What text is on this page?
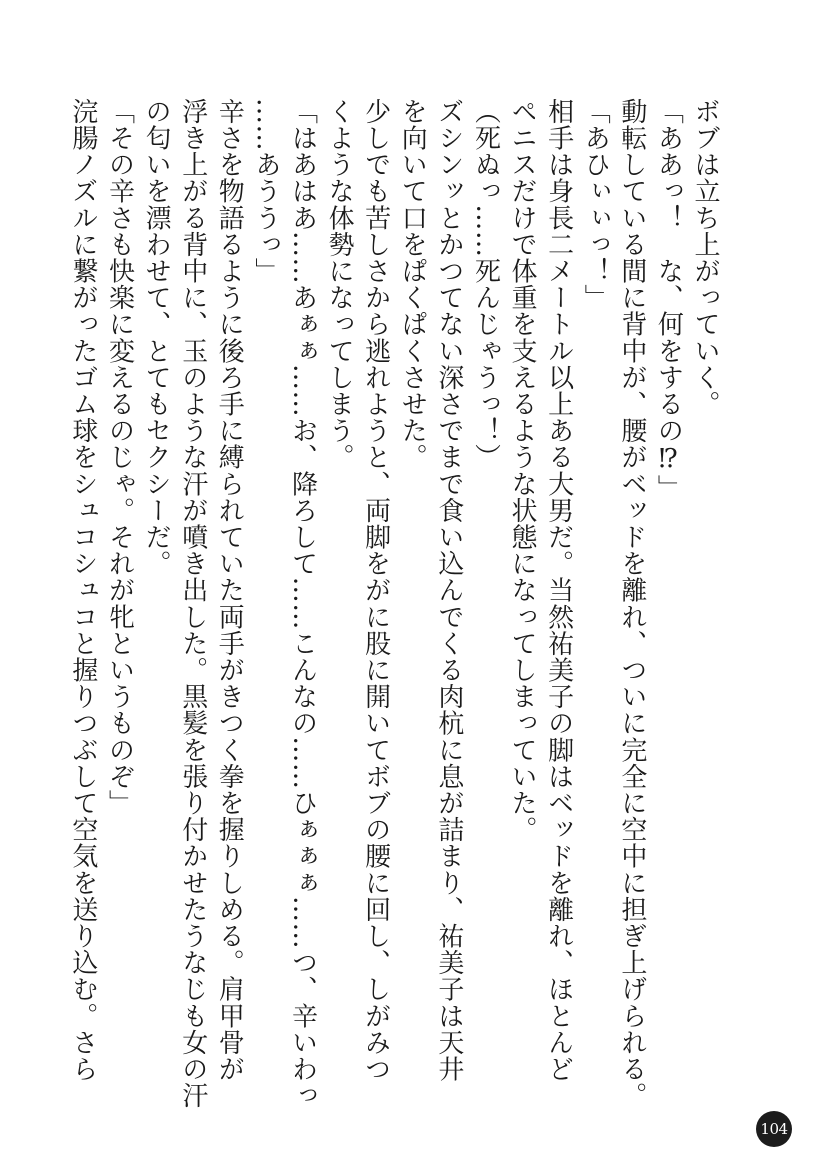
ボブは立ち上がっていく。
「ああっ！　な、何をするの⁉」
動転している間に背中が、腰がベッドを離れ、ついに完全に空中に担ぎ上げられる。
「あひぃぃっ！」
相手は身長二メートル以上ある大男だ。当然祐美子の脚はベッドを離れ、ほとんど
ペニスだけで体重を支えるような状態になってしまっていた。
（死ぬっ……死んじゃうっ！）
ズシンッとかつてない深さでまで食い込んでくる肉杭に息が詰まり、祐美子は天井
を向いて口をぱくぱくさせた。
少しでも苦しさから逃れようと、両脚をがに股に開いてボブの腰に回し、しがみつ
くような体勢になってしまう。
「はあはあ……あぁぁ……お、降ろして……こんなの……ひぁぁぁ……つ、辛いわっ
……あううっ」
辛さを物語るように後ろ手に縛られていた両手がきつく拳を握りしめる。肩甲骨が
浮き上がる背中に、玉のような汗が噴き出した。黒髪を張り付かせたうなじも女の汗
の匂いを漂わせて、とてもセクシーだ。
「その辛さも快楽に変えるのじゃ。それが牝というものぞ」
浣腸ノズルに繋がったゴム球をシュコシュコと握りつぶして空気を送り込む。さら
104
